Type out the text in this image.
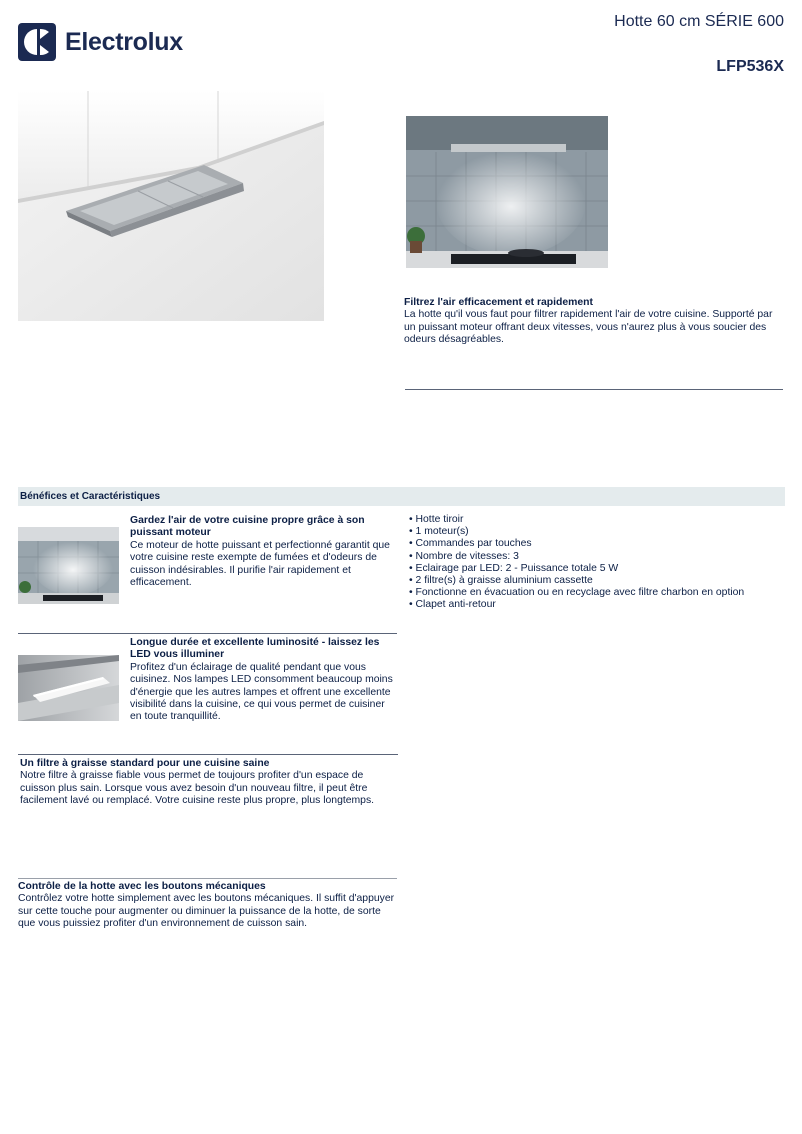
Electrolux
Hotte 60 cm SÉRIE 600
LFP536X
Filtrez l'air efficacement et rapidement

La hotte qu'il vous faut pour filtrer rapidement l'air de votre cuisine. Supporté par un puissant moteur offrant deux vitesses, vous n'aurez plus à vous soucier des odeurs désagréables.

Bénéfices et Caractéristiques
Gardez l'air de votre cuisine propre grâce à son puissant moteur

Ce moteur de hotte puissant et perfectionné garantit que votre cuisine reste exempte de fumées et d'odeurs de cuisson indésirables. Il purifie l'air rapidement et efficacement.

Longue durée et excellente luminosité - laissez les LED vous illuminer

Profitez d'un éclairage de qualité pendant que vous cuisinez. Nos lampes LED consomment beaucoup moins d'énergie que les autres lampes et offrent une excellente visibilité dans la cuisine, ce qui vous permet de cuisiner en toute tranquillité.

Un filtre à graisse standard pour une cuisine saine

Notre filtre à graisse fiable vous permet de toujours profiter d'un espace de cuisson plus sain. Lorsque vous avez besoin d'un nouveau filtre, il peut être facilement lavé ou remplacé. Votre cuisine reste plus propre, plus longtemps.

Contrôle de la hotte avec les boutons mécaniques

Contrôlez votre hotte simplement avec les boutons mécaniques. Il suffit d'appuyer sur cette touche pour augmenter ou diminuer la puissance de la hotte, de sorte que vous puissiez profiter d'un environnement de cuisson sain.

• Hotte tiroir
• 1 moteur(s)
• Commandes par touches
• Nombre de vitesses: 3
• Eclairage par LED: 2 - Puissance totale 5 W
• 2 filtre(s) à graisse aluminium cassette
• Fonctionne en évacuation ou en recyclage avec filtre charbon en option
• Clapet anti-retour
